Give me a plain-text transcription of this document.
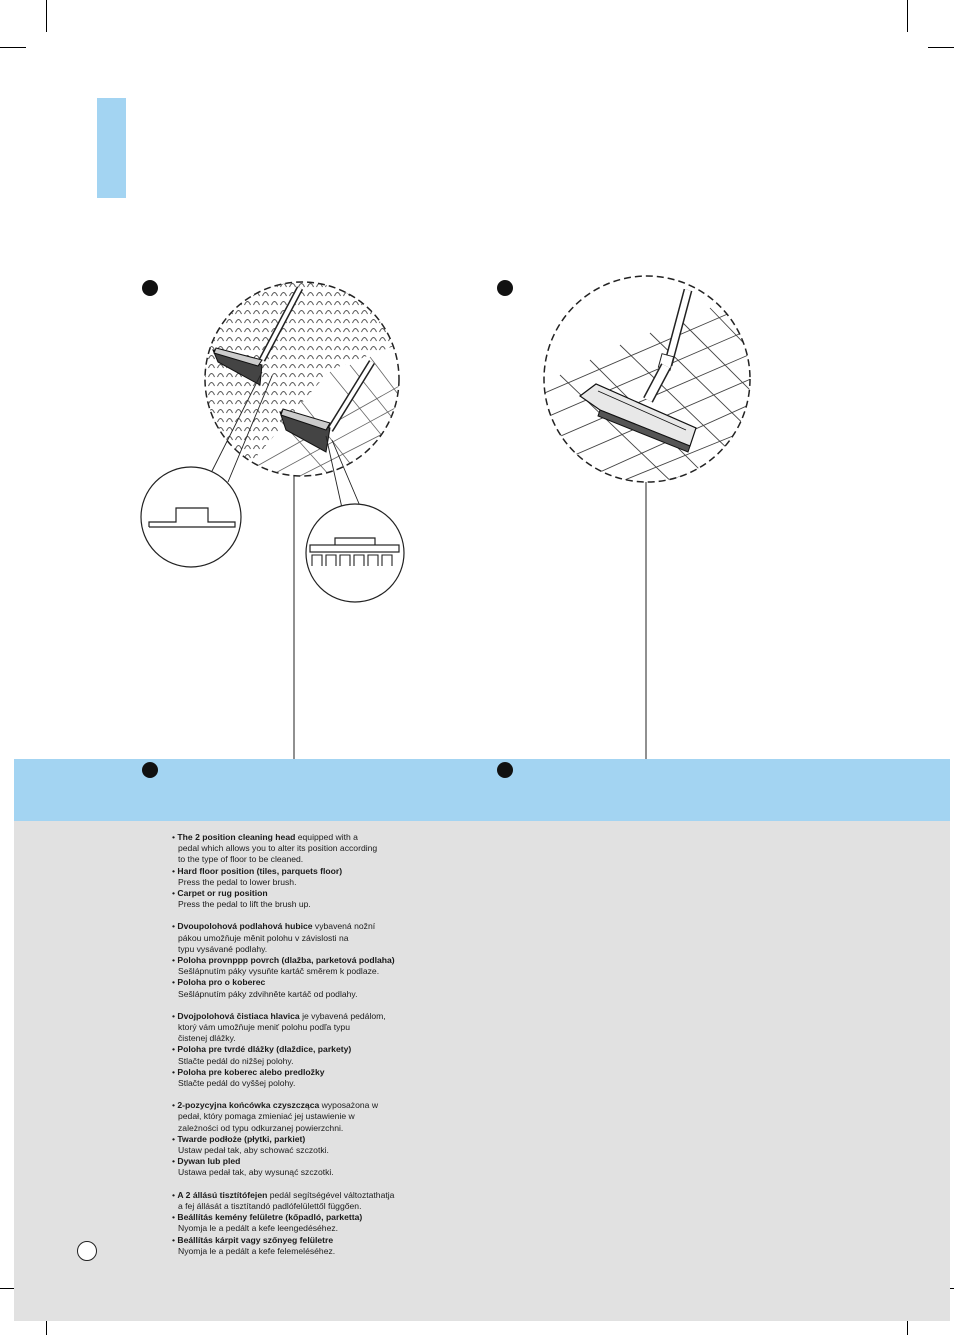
• The 2 position cleaning head equipped with a
pedal which allows you to alter its position according
to the type of floor to be cleaned.
• Hard floor position (tiles, parquets floor)
Press the pedal to lower brush.
• Carpet or rug position
Press the pedal to lift the brush up.
• Dvoupolohová podlahová hubice vybavená nožní
pákou umožňuje měnit polohu v závislosti na
typu vysávané podlahy.
• Poloha provnppp povrch (dlažba, parketová podlaha)
Sešlápnutím páky vysuňte kartáč směrem k podlaze.
• Poloha pro o koberec
Sešlápnutím páky zdvihněte kartáč od podlahy.
• Dvojpolohová čistiaca hlavica je vybavená pedálom,
ktorý vám umožňuje meniť polohu podľa typu
čistenej dlážky.
• Poloha pre tvrdé dlážky (dlaždice, parkety)
Stlačte pedál do nižšej polohy.
• Poloha pre koberec alebo predložky
Stlačte pedál do vyššej polohy.
• 2-pozycyjna końcówka czyszcząca wyposażona w
pedał, który pomaga zmieniać jej ustawienie w
zależności od typu odkurzanej powierzchni.
• Twarde podłoże (płytki, parkiet)
Ustaw pedał tak, aby schować szczotki.
• Dywan lub pled
Ustawa pedał tak, aby wysunąć szczotki.
• A 2 állású tisztítófejen pedál segítségével változtathatja
a fej állását a tisztítandó padlófelülettől függően.
• Beállítás kemény felületre (kőpadló, parketta)
Nyomja le a pedált a kefe leengedéséhez.
• Beállítás kárpit vagy szőnyeg felületre
Nyomja le a pedált a kefe felemeléséhez.
